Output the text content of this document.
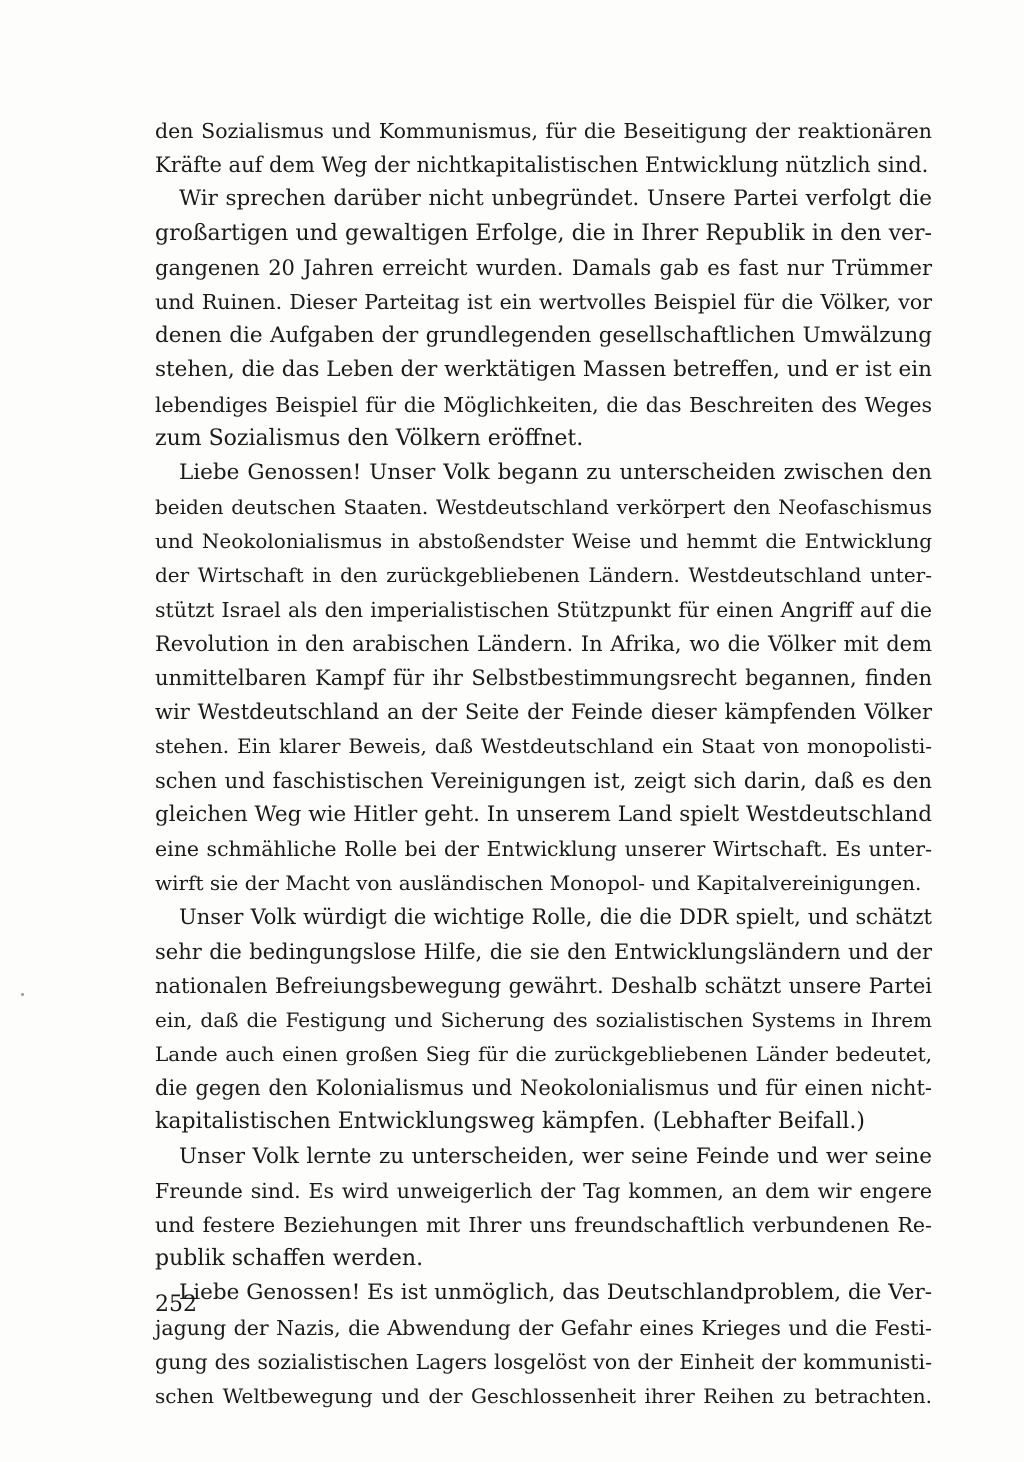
den Sozialismus und Kommunismus, für die Beseitigung der reaktionären
Kräfte auf dem Weg der nichtkapitalistischen Entwicklung nützlich sind.
Wir sprechen darüber nicht unbegründet. Unsere Partei verfolgt die
großartigen und gewaltigen Erfolge, die in Ihrer Republik in den ver-
gangenen 20 Jahren erreicht wurden. Damals gab es fast nur Trümmer
und Ruinen. Dieser Parteitag ist ein wertvolles Beispiel für die Völker, vor
denen die Aufgaben der grundlegenden gesellschaftlichen Umwälzung
stehen, die das Leben der werktätigen Massen betreffen, und er ist ein
lebendiges Beispiel für die Möglichkeiten, die das Beschreiten des Weges
zum Sozialismus den Völkern eröffnet.
Liebe Genossen! Unser Volk begann zu unterscheiden zwischen den
beiden deutschen Staaten. Westdeutschland verkörpert den Neofaschismus
und Neokolonialismus in abstoßendster Weise und hemmt die Entwicklung
der Wirtschaft in den zurückgebliebenen Ländern. Westdeutschland unter-
stützt Israel als den imperialistischen Stützpunkt für einen Angriff auf die
Revolution in den arabischen Ländern. In Afrika, wo die Völker mit dem
unmittelbaren Kampf für ihr Selbstbestimmungsrecht begannen, finden
wir Westdeutschland an der Seite der Feinde dieser kämpfenden Völker
stehen. Ein klarer Beweis, daß Westdeutschland ein Staat von monopolisti-
schen und faschistischen Vereinigungen ist, zeigt sich darin, daß es den
gleichen Weg wie Hitler geht. In unserem Land spielt Westdeutschland
eine schmähliche Rolle bei der Entwicklung unserer Wirtschaft. Es unter-
wirft sie der Macht von ausländischen Monopol- und Kapitalvereinigungen.
Unser Volk würdigt die wichtige Rolle, die die DDR spielt, und schätzt
sehr die bedingungslose Hilfe, die sie den Entwicklungsländern und der
nationalen Befreiungsbewegung gewährt. Deshalb schätzt unsere Partei
ein, daß die Festigung und Sicherung des sozialistischen Systems in Ihrem
Lande auch einen großen Sieg für die zurückgebliebenen Länder bedeutet,
die gegen den Kolonialismus und Neokolonialismus und für einen nicht-
kapitalistischen Entwicklungsweg kämpfen. (Lebhafter Beifall.)
Unser Volk lernte zu unterscheiden, wer seine Feinde und wer seine
Freunde sind. Es wird unweigerlich der Tag kommen, an dem wir engere
und festere Beziehungen mit Ihrer uns freundschaftlich verbundenen Re-
publik schaffen werden.
Liebe Genossen! Es ist unmöglich, das Deutschlandproblem, die Ver-
jagung der Nazis, die Abwendung der Gefahr eines Krieges und die Festi-
gung des sozialistischen Lagers losgelöst von der Einheit der kommunisti-
schen Weltbewegung und der Geschlossenheit ihrer Reihen zu betrachten.
252
